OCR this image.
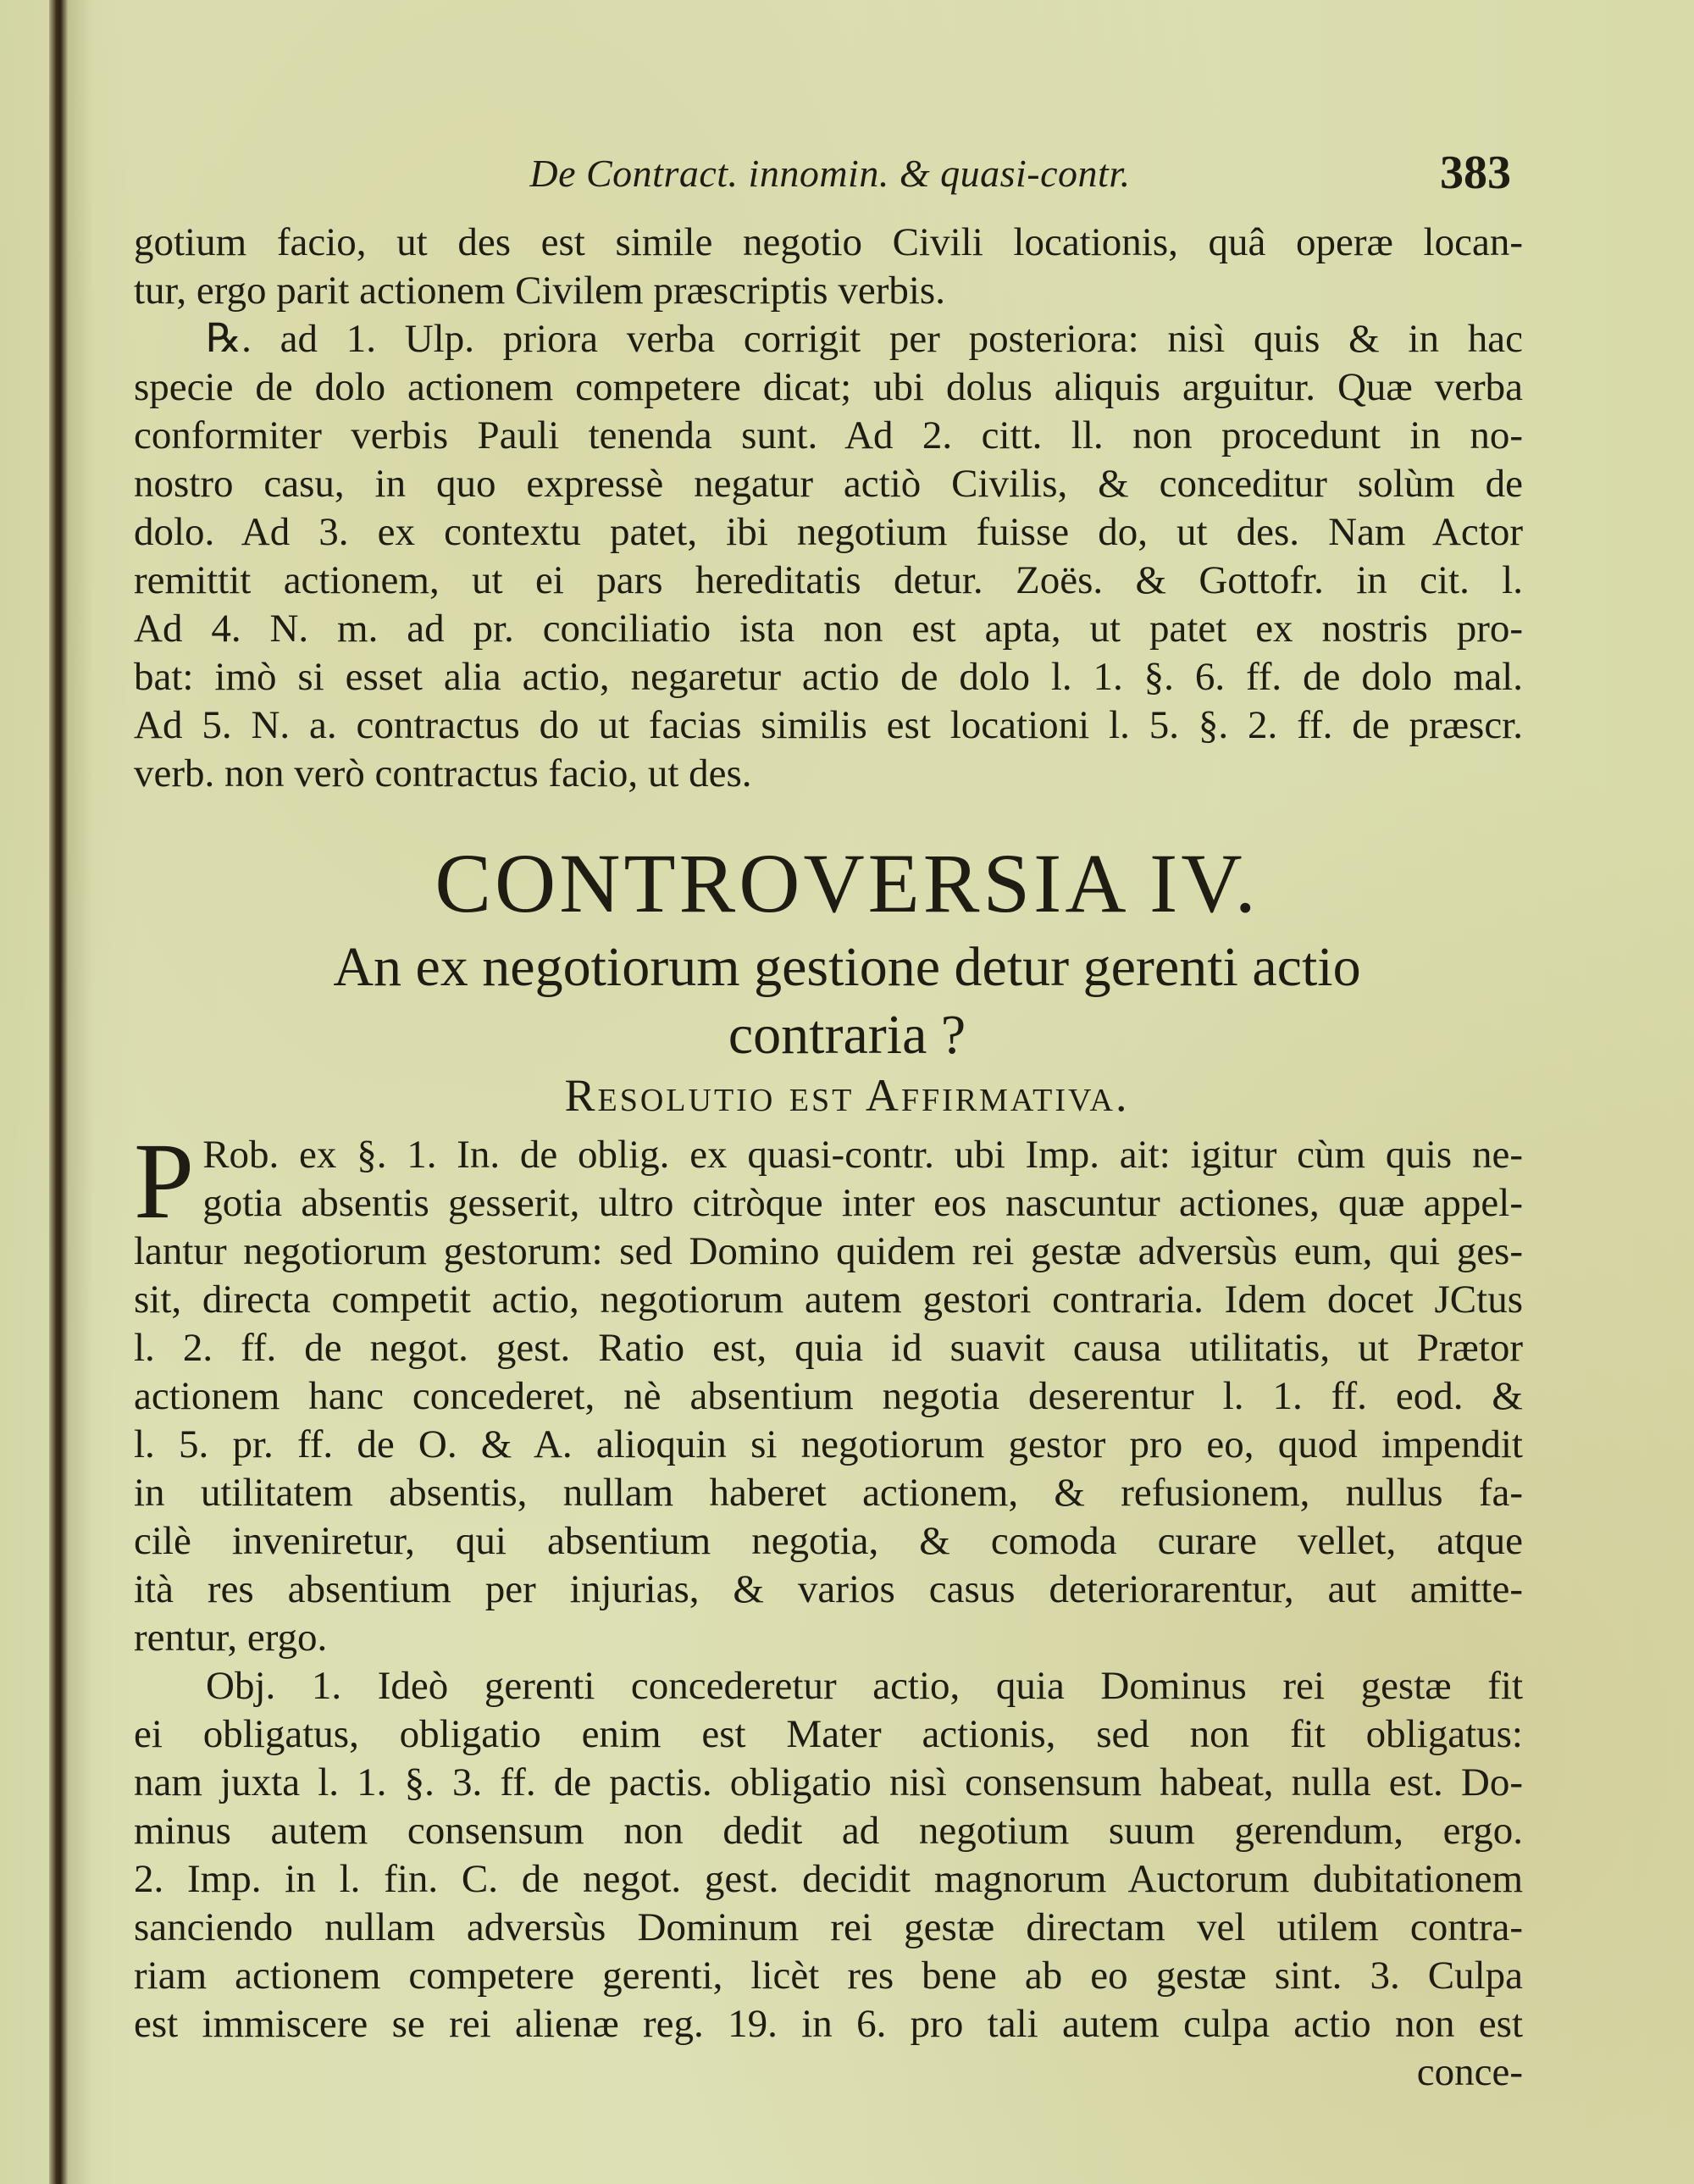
De Contract. innomin. & quasi-contr.	383
gotium facio, ut des est simile negotio Civili locationis, quâ operæ locan-
tur, ergo parit actionem Civilem præscriptis verbis.
℞. ad 1. Ulp. priora verba corrigit per posteriora: nisì quis & in hac
specie de dolo actionem competere dicat; ubi dolus aliquis arguitur. Quæ verba
conformiter verbis Pauli tenenda sunt. Ad 2. citt. ll. non procedunt in no-
nostro casu, in quo expressè negatur actiò Civilis, & conceditur solùm de
dolo. Ad 3. ex contextu patet, ibi negotium fuisse do, ut des. Nam Actor
remittit actionem, ut ei pars hereditatis detur. Zoës. & Gottofr. in cit. l.
Ad 4. N. m. ad pr. conciliatio ista non est apta, ut patet ex nostris pro-
bat: imò si esset alia actio, negaretur actio de dolo l. 1. §. 6. ff. de dolo mal.
Ad 5. N. a. contractus do ut facias similis est locationi l. 5. §. 2. ff. de præscr.
verb. non verò contractus facio, ut des.
CONTROVERSIA IV.
An ex negotiorum gestione detur gerenti actio
contraria ?
Resolutio est Affirmativa.
P Rob. ex §. 1. In. de oblig. ex quasi-contr. ubi Imp. ait: igitur cùm quis ne-
gotia absentis gesserit, ultro citròque inter eos nascuntur actiones, quæ appel-
lantur negotiorum gestorum: sed Domino quidem rei gestæ adversùs eum, qui ges-
sit, directa competit actio, negotiorum autem gestori contraria. Idem docet JCtus
l. 2. ff. de negot. gest. Ratio est, quia id suavit causa utilitatis, ut Prætor
actionem hanc concederet, nè absentium negotia deserentur l. 1. ff. eod. &
l. 5. pr. ff. de O. & A. alioquin si negotiorum gestor pro eo, quod impendit
in utilitatem absentis, nullam haberet actionem, & refusionem, nullus fa-
cilè inveniretur, qui absentium negotia, & comoda curare vellet, atque
ità res absentium per injurias, & varios casus deteriorarentur, aut amitte-
rentur, ergo.
Obj. 1. Ideò gerenti concederetur actio, quia Dominus rei gestæ fit
ei obligatus, obligatio enim est Mater actionis, sed non fit obligatus:
nam juxta l. 1. §. 3. ff. de pactis. obligatio nisì consensum habeat, nulla est. Do-
minus autem consensum non dedit ad negotium suum gerendum, ergo.
2. Imp. in l. fin. C. de negot. gest. decidit magnorum Auctorum dubitationem
sanciendo nullam adversùs Dominum rei gestæ directam vel utilem contra-
riam actionem competere gerenti, licèt res bene ab eo gestæ sint. 3. Culpa
est immiscere se rei alienæ reg. 19. in 6. pro tali autem culpa actio non est
conce-
